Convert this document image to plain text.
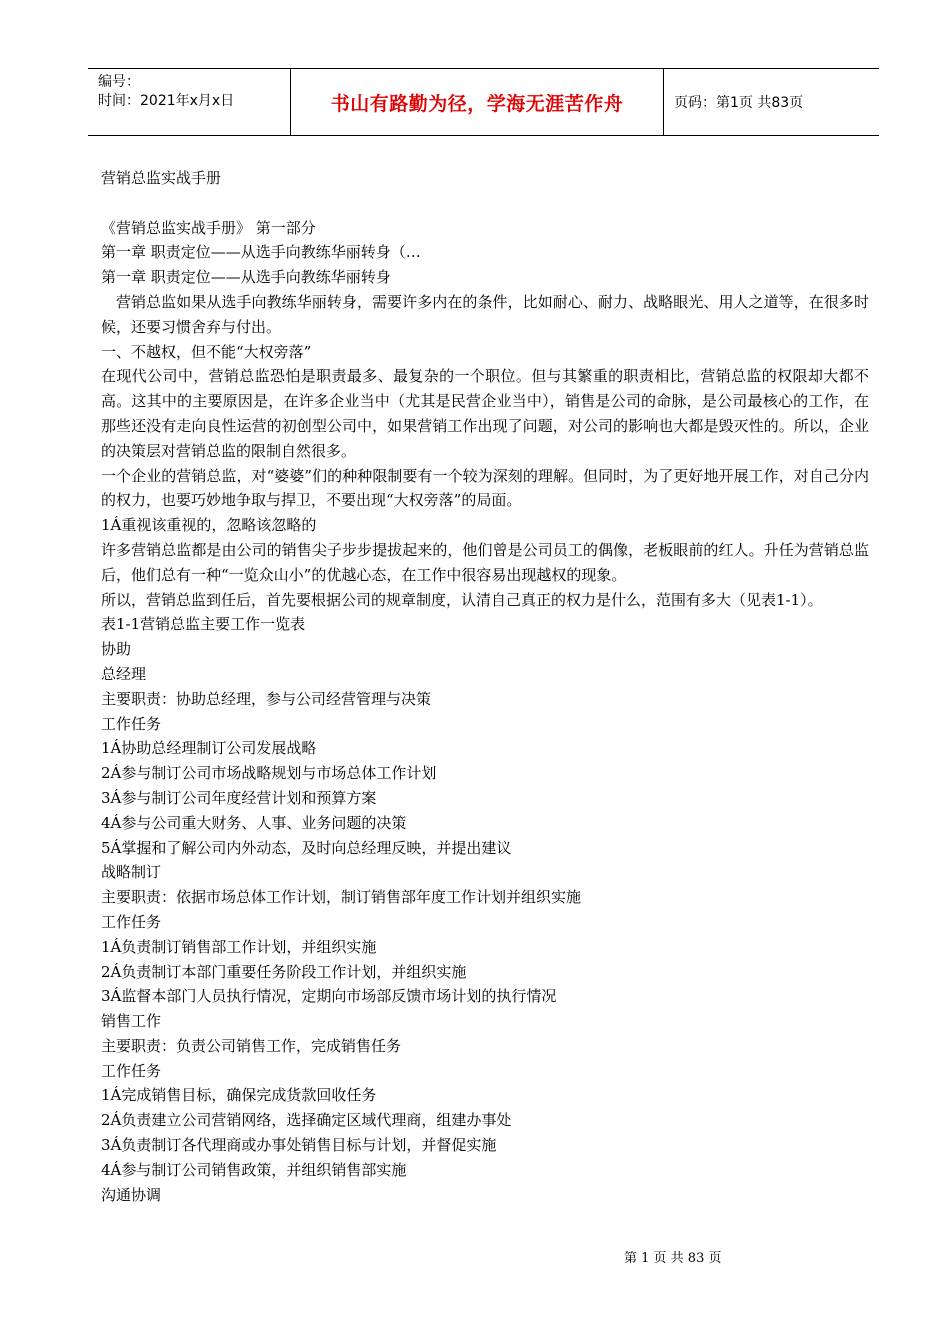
编号：
时间：2021年x月x日	书山有路勤为径，学海无涯苦作舟	页码：第1页 共83页

营销总监实战手册

《营销总监实战手册》 第一部分

第一章 职责定位——从选手向教练华丽转身（…

第一章 职责定位——从选手向教练华丽转身

营销总监如果从选手向教练华丽转身，需要许多内在的条件，比如耐心、耐力、战略眼光、用人之道等，在很多时候，还要习惯舍弃与付出。

一、不越权，但不能“大权旁落”

在现代公司中，营销总监恐怕是职责最多、最复杂的一个职位。但与其繁重的职责相比，营销总监的权限却大都不高。这其中的主要原因是，在许多企业当中（尤其是民营企业当中），销售是公司的命脉，是公司最核心的工作，在那些还没有走向良性运营的初创型公司中，如果营销工作出现了问题，对公司的影响也大都是毁灭性的。所以，企业的决策层对营销总监的限制自然很多。

一个企业的营销总监，对“婆婆”们的种种限制要有一个较为深刻的理解。但同时，为了更好地开展工作，对自己分内的权力，也要巧妙地争取与捍卫，不要出现“大权旁落”的局面。

1Á重视该重视的，忽略该忽略的

许多营销总监都是由公司的销售尖子步步提拔起来的，他们曾是公司员工的偶像，老板眼前的红人。升任为营销总监后，他们总有一种“一览众山小”的优越心态，在工作中很容易出现越权的现象。

所以，营销总监到任后，首先要根据公司的规章制度，认清自己真正的权力是什么，范围有多大（见表1-1）。

表1-1营销总监主要工作一览表

协助

总经理

主要职责：协助总经理，参与公司经营管理与决策

工作任务

1Á协助总经理制订公司发展战略

2Á参与制订公司市场战略规划与市场总体工作计划

3Á参与制订公司年度经营计划和预算方案

4Á参与公司重大财务、人事、业务问题的决策

5Á掌握和了解公司内外动态，及时向总经理反映，并提出建议

战略制订

主要职责：依据市场总体工作计划，制订销售部年度工作计划并组织实施

工作任务

1Á负责制订销售部工作计划，并组织实施

2Á负责制订本部门重要任务阶段工作计划，并组织实施

3Á监督本部门人员执行情况，定期向市场部反馈市场计划的执行情况

销售工作

主要职责：负责公司销售工作，完成销售任务

工作任务

1Á完成销售目标，确保完成货款回收任务

2Á负责建立公司营销网络，选择确定区域代理商，组建办事处

3Á负责制订各代理商或办事处销售目标与计划，并督促实施

4Á参与制订公司销售政策，并组织销售部实施

沟通协调

第 1 页 共 83 页
